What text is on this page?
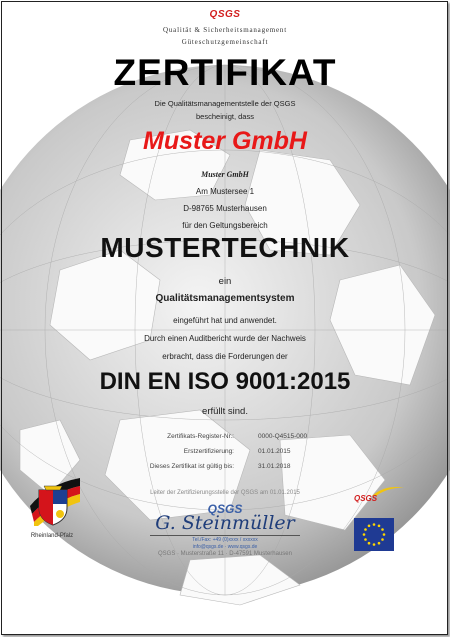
QSGS
Qualität & Sicherheitsmanagement
Güteschutzgemeinschaft
ZERTIFIKAT
Die Qualitätsmanagementstelle der QSGS
bescheinigt, dass
Muster GmbH
Muster GmbH
Am Mustersee 1
D-98765 Musterhausen
für den Geltungsbereich
MUSTERTECHNIK
ein
Qualitätsmanagementsystem
eingeführt hat und anwendet.
Durch einen Auditbericht wurde der Nachweis
erbracht, dass die Forderungen der
DIN EN ISO 9001:2015
erfüllt sind.
Zertifikats-Register-Nr.:	0000-Q4515-000
Erstzertifizierung:	01.01.2015
Dieses Zertifikat ist gültig bis:	31.01.2018
Rheinland-Pfalz
Leiter der Zertifizierungsstelle der QSGS am 01.01.2015
QSGS
G. Steinmüller
Tel./Fax: +49 (0)xxxx / xxxxxx
info@qsgs.de · www.qsgs.de
QSGS
QSGS · Musterstraße 11 · D-47591 Musterhausen
